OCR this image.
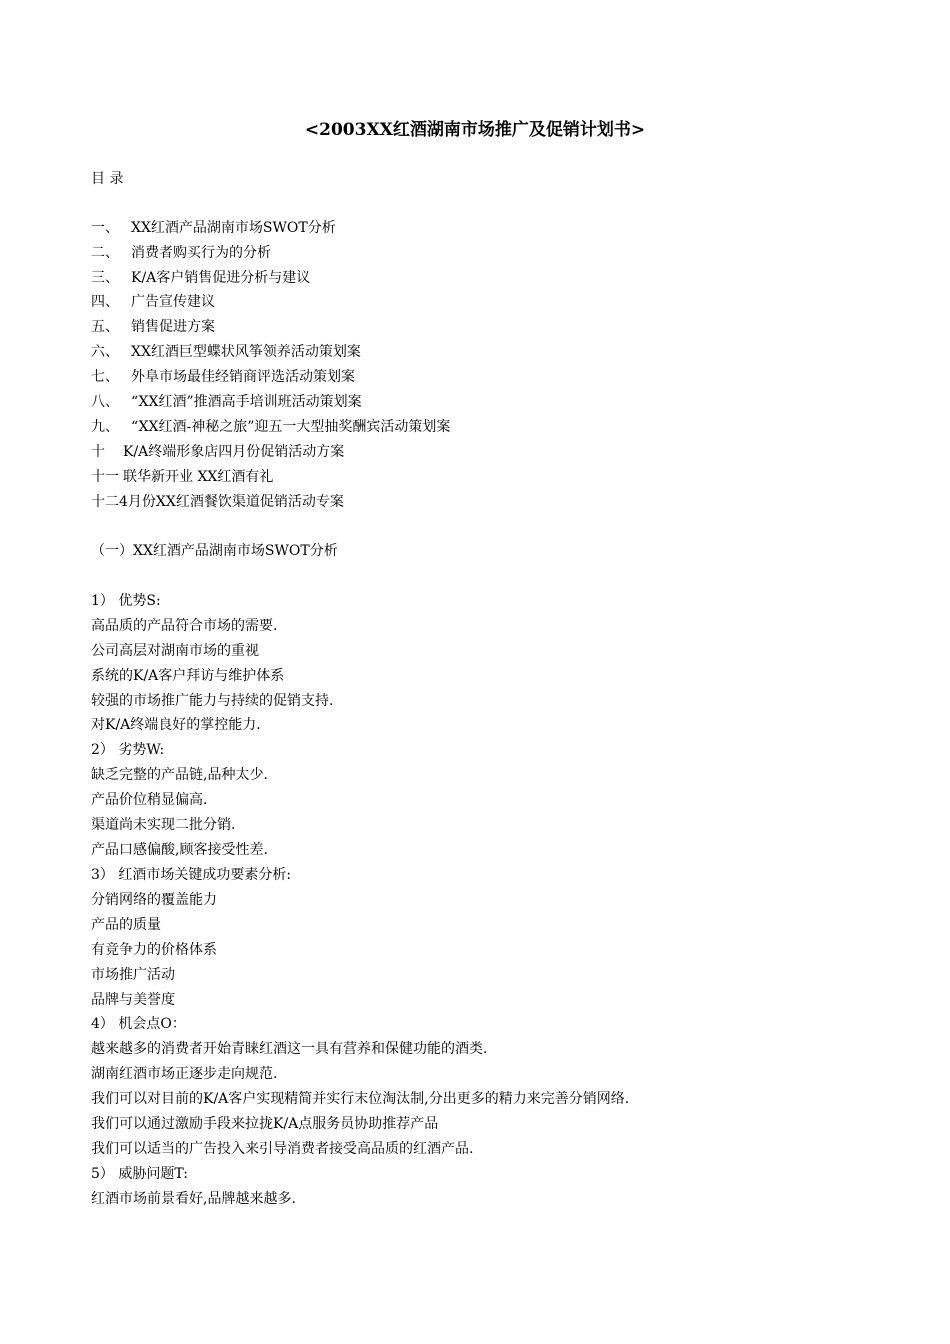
<2003XX红酒湖南市场推广及促销计划书>
目 录
一、 XX红酒产品湖南市场SWOT分析
二、 消费者购买行为的分析
三、 K/A客户销售促进分析与建议
四、 广告宣传建议
五、 销售促进方案
六、 XX红酒巨型蝶状风筝领养活动策划案
七、 外阜市场最佳经销商评选活动策划案
八、 “XX红酒”推酒高手培训班活动策划案
九、 “XX红酒-神秘之旅”迎五一大型抽奖酬宾活动策划案
十 K/A终端形象店四月份促销活动方案
十一 联华新开业 XX红酒有礼
十二4月份XX红酒餐饮渠道促销活动专案
（一）XX红酒产品湖南市场SWOT分析
1） 优势S:
高品质的产品符合市场的需要.
公司高层对湖南市场的重视
系统的K/A客户拜访与维护体系
较强的市场推广能力与持续的促销支持.
对K/A终端良好的掌控能力.
2） 劣势W:
缺乏完整的产品链,品种太少.
产品价位稍显偏高.
渠道尚未实现二批分销.
产品口感偏酸,顾客接受性差.
3） 红酒市场关键成功要素分析:
分销网络的覆盖能力
产品的质量
有竞争力的价格体系
市场推广活动
品牌与美誉度
4） 机会点O：
越来越多的消费者开始青睐红酒这一具有营养和保健功能的酒类.
湖南红酒市场正逐步走向规范.
我们可以对目前的K/A客户实现精简并实行末位淘汰制,分出更多的精力来完善分销网络.
我们可以通过激励手段来拉拢K/A点服务员协助推荐产品
我们可以适当的广告投入来引导消费者接受高品质的红酒产品.
5） 威胁问题T:
红酒市场前景看好,品牌越来越多.
